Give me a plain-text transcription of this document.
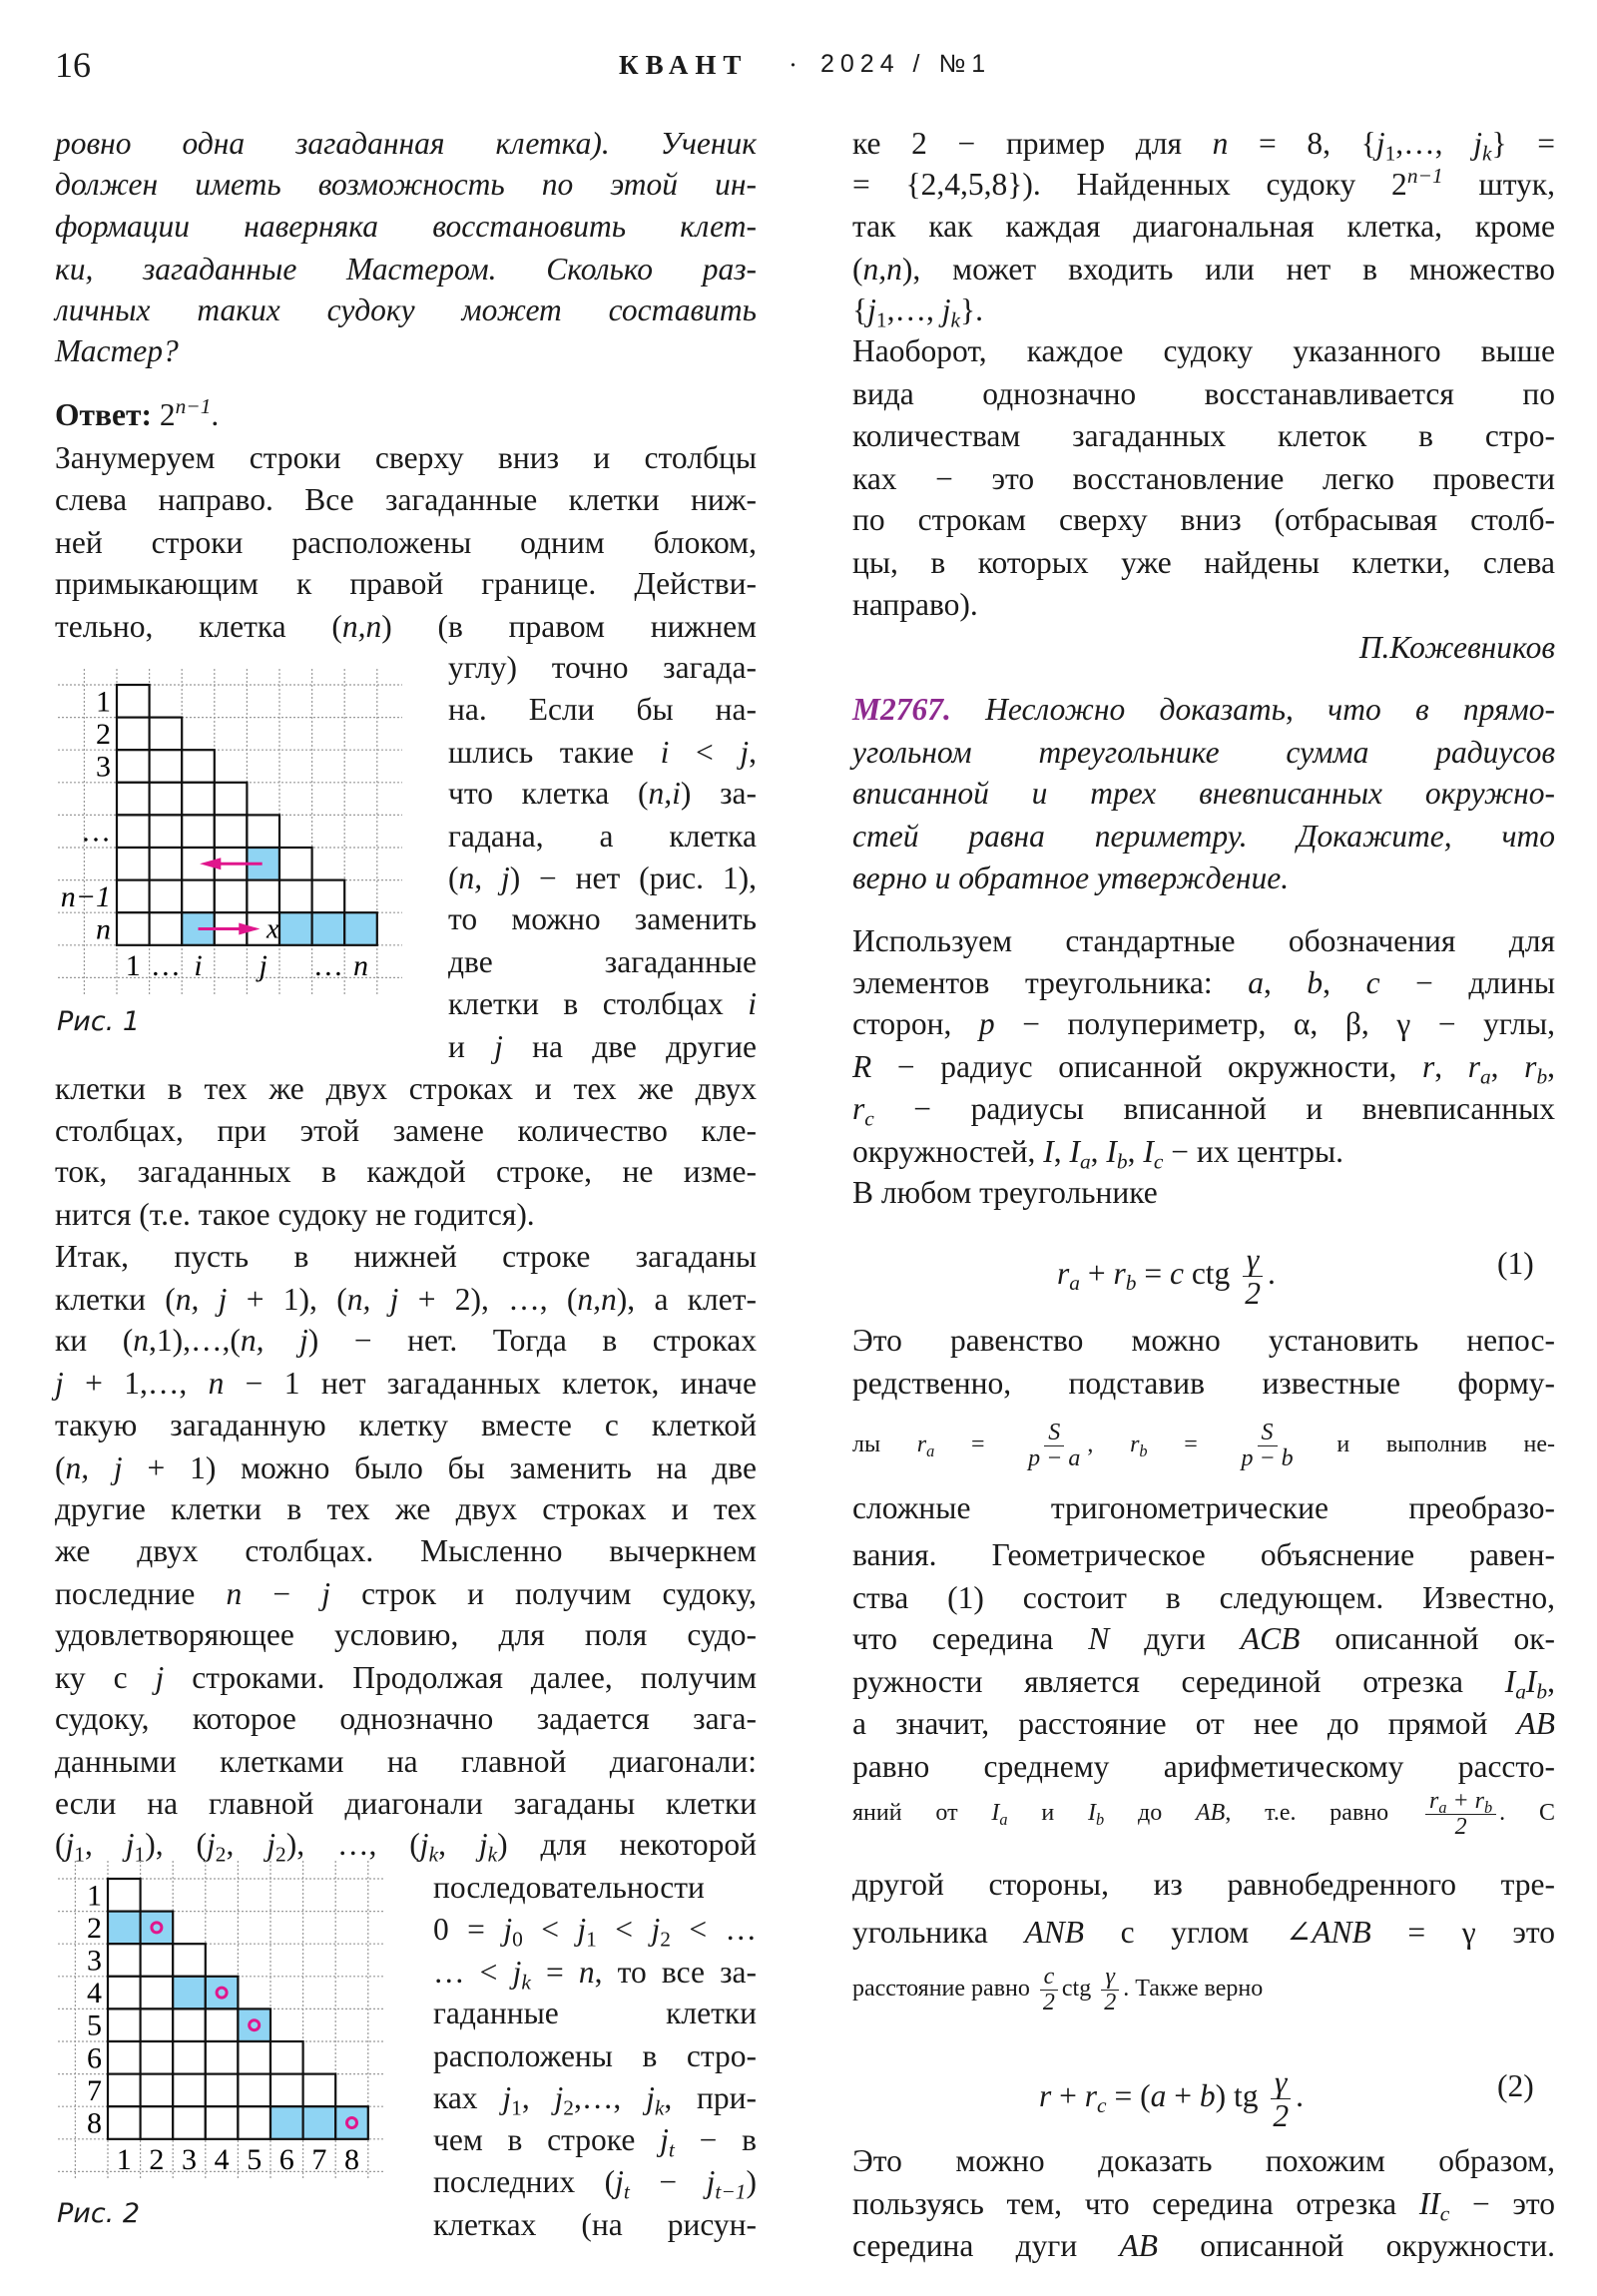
16	КВАНТ · 2024 / №1
ровно одна загаданная клетка). Ученик
должен иметь возможность по этой ин-
формации наверняка восстановить клет-
ки, загаданные Мастером. Сколько раз-
личных таких судоку может составить
Мастер?
Ответ: $2^{n-1}$.
Занумеруем строки сверху вниз и столбцы
слева направо. Все загаданные клетки ниж-
ней строки расположены одним блоком,
примыкающим к правой границе. Действи-
тельно, клетка (n,n) (в правом нижнем
углу) точно загада-
на. Если бы на-
шлись такие i < j,
что клетка (n,i) за-
гадана, а клетка
(n, j) − нет (рис. 1),
то можно заменить
две загаданные
клетки в столбцах i
и j на две другие
клетки в тех же двух строках и тех же двух
столбцах, при этой замене количество кле-
ток, загаданных в каждой строке, не изме-
нится (т.е. такое судоку не годится).
Итак, пусть в нижней строке загаданы
клетки (n, j + 1), (n, j + 2), …, (n,n), а клет-
ки (n,1),…,(n, j) − нет. Тогда в строках
j + 1,…, n − 1 нет загаданных клеток, иначе
такую загаданную клетку вместе с клеткой
(n, j + 1) можно было бы заменить на две
другие клетки в тех же двух строках и тех
же двух столбцах. Мысленно вычеркнем
последние n − j строк и получим судоку,
удовлетворяющее условию, для поля судо-
ку с j строками. Продолжая далее, получим
судоку, которое однозначно задается зага-
данными клетками на главной диагонали:
если на главной диагонали загаданы клетки
($j_1$, $j_1$), ($j_2$, $j_2$), …, ($j_k$, $j_k$) для некоторой
последовательности
$0 = j_0 < j_1 < j_2$ < …
… < $j_k = n$, то все за-
гаданные клетки
расположены в стро-
ках $j_1$, $j_2,\dots$, $j_k$, при-
чем в строке $j_t - в$
последних $(j_t - j_{t-1})$
клетках (на рисун-
ке 2 − пример для n = 8, {$j_1,\dots$, $j_k$} =
= {2,4,5,8}). Найденных судоку $2^{n-1}$ штук,
так как каждая диагональная клетка, кроме
(n,n), может входить или нет в множество
{$j_1,\dots$, $j_k$}.
Наоборот, каждое судоку указанного выше
вида однозначно восстанавливается по
количествам загаданных клеток в стро-
ках − это восстановление легко провести
по строкам сверху вниз (отбрасывая столб-
цы, в которых уже найдены клетки, слева
направо).
П.Кожевников
М2767. Несложно доказать, что в прямо-
угольном треугольнике сумма радиусов
вписанной и трех вневписанных окружно-
стей равна периметру. Докажите, что
верно и обратное утверждение.
Используем стандартные обозначения для
элементов треугольника: a, b, c − длины
сторон, p − полупериметр, α, β, γ − углы,
R − радиус описанной окружности, r, $r_a$, $r_b$,
$r_c$ − радиусы вписанной и вневписанных
окружностей, I, $I_a$, $I_b$, $I_c$ − их центры.
В любом треугольнике
Это равенство можно установить непос-
редственно, подставив известные форму-
лы $r_a = \frac{S}{p - a}$ , $r_b = \frac{S}{p - b}$ и выполнив не-
сложные тригонометрические преобразо-
вания. Геометрическое объяснение равен-
ства (1) состоит в следующем. Известно,
что середина N дуги ACB описанной ок-
ружности является серединой отрезка $I_aI_b$,
а значит, расстояние от нее до прямой AB
равно среднему арифметическому рассто-
яний от $I_a$ и $I_b$ до AB, т.е. равно $\frac{r_a + r_b}{2}$ . С
другой стороны, из равнобедренного тре-
угольника ANB с углом ∠ANB = γ это
расстояние равно $\frac{c}{2}$ ctg $\frac{\gamma}{2}$ . Также верно
Это можно доказать похожим образом,
пользуясь тем, что середина отрезка $II_c$ − это
середина дуги AB описанной окружности.
$r_a + r_b = c$ ctg $\frac{\gamma}{2}$ .	(1)
$r + r_c = (a + b)$ tg $\frac{\gamma}{2}$ .	(2)
1
2
3
…
n−1
n
1 … i j … n
x
Рис. 1
1
2
3
4
5
6
7
8
1 2 3 4 5 6 7 8
Рис. 2
